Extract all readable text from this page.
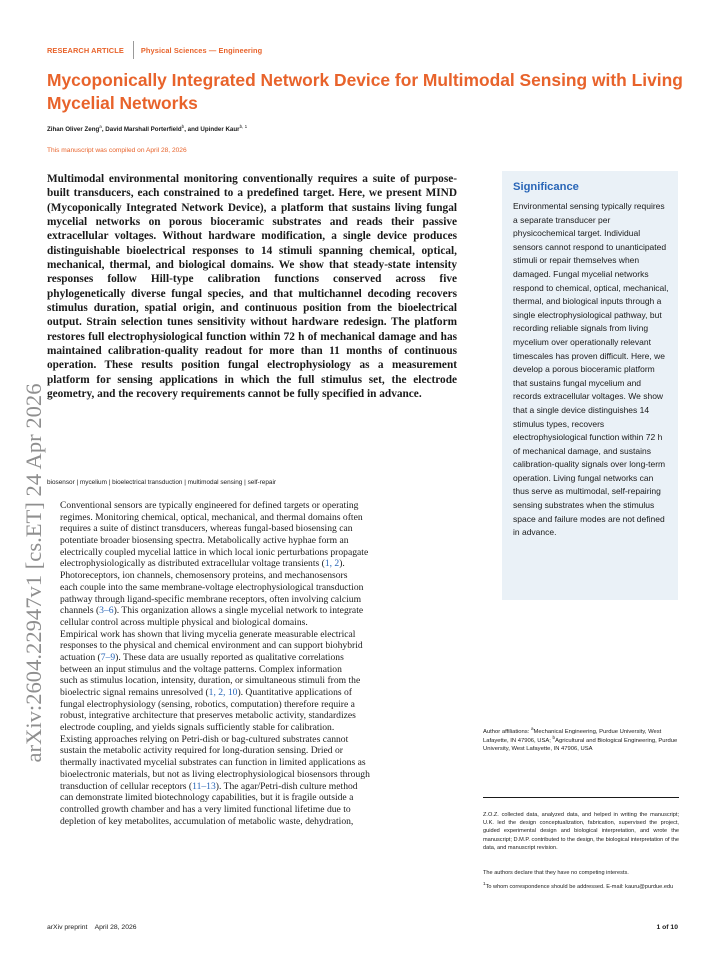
RESEARCH ARTICLE Physical Sciences — Engineering
Mycoponically Integrated Network Device for Multimodal Sensing with Living Mycelial Networks
Zihan Oliver Zeng$^a$, David Marshall Porterfield$^b$, and Upinder Kaur$^{b, 1}$
This manuscript was compiled on April 28, 2026
arXiv:2604.22947v1 [cs.ET] 24 Apr 2026

Multimodal environmental monitoring conventionally requires a suite of purpose-built transducers, each constrained to a predefined target. Here, we present MIND (Mycoponically Integrated Network Device), a platform that sustains living fungal mycelial networks on porous bioceramic substrates and reads their passive extracellular voltages. Without hardware modification, a single device produces distinguishable bioelectrical responses to 14 stimuli spanning chemical, optical, mechanical, thermal, and biological domains. We show that steady-state intensity responses follow Hill-type calibration functions conserved across five phylogenetically diverse fungal species, and that multichannel decoding recovers stimulus duration, spatial origin, and continuous position from the bioelectrical output. Strain selection tunes sensitivity without hardware redesign. The platform restores full electrophysiological function within 72 h of mechanical damage and has maintained calibration-quality readout for more than 11 months of continuous operation. These results position fungal electrophysiology as a measurement platform for sensing applications in which the full stimulus set, the electrode geometry, and the recovery requirements cannot be fully specified in advance.

biosensor | mycelium | bioelectrical transduction | multimodal sensing | self-repair

Conventional sensors are typically engineered for defined targets or operating
regimes. Monitoring chemical, optical, mechanical, and thermal domains often
requires a suite of distinct transducers, whereas fungal-based biosensing can
potentiate broader biosensing spectra. Metabolically active hyphae form an
electrically coupled mycelial lattice in which local ionic perturbations propagate
electrophysiologically as distributed extracellular voltage transients (1, 2).
Photoreceptors, ion channels, chemosensory proteins, and mechanosensors
each couple into the same membrane-voltage electrophysiological transduction
pathway through ligand-specific membrane receptors, often involving calcium
channels (3–6). This organization allows a single mycelial network to integrate
cellular control across multiple physical and biological domains.

Empirical work has shown that living mycelia generate measurable electrical
responses to the physical and chemical environment and can support biohybrid
actuation (7–9). These data are usually reported as qualitative correlations
between an input stimulus and the voltage patterns. Complex information
such as stimulus location, intensity, duration, or simultaneous stimuli from the
bioelectric signal remains unresolved (1, 2, 10). Quantitative applications of
fungal electrophysiology (sensing, robotics, computation) therefore require a
robust, integrative architecture that preserves metabolic activity, standardizes
electrode coupling, and yields signals sufficiently stable for calibration.

Existing approaches relying on Petri-dish or bag-cultured substrates cannot
sustain the metabolic activity required for long-duration sensing. Dried or
thermally inactivated mycelial substrates can function in limited applications as
bioelectronic materials, but not as living electrophysiological biosensors through
transduction of cellular receptors (11–13). The agar/Petri-dish culture method
can demonstrate limited biotechnology capabilities, but it is fragile outside a
controlled growth chamber and has a very limited functional lifetime due to
depletion of key metabolites, accumulation of metabolic waste, dehydration,

Significance

Environmental sensing typically requires a separate transducer per physicochemical target. Individual sensors cannot respond to unanticipated stimuli or repair themselves when damaged. Fungal mycelial networks respond to chemical, optical, mechanical, thermal, and biological inputs through a single electrophysiological pathway, but recording reliable signals from living mycelium over operationally relevant timescales has proven difficult. Here, we develop a porous bioceramic platform that sustains fungal mycelium and records extracellular voltages. We show that a single device distinguishes 14 stimulus types, recovers electrophysiological function within 72 h of mechanical damage, and sustains calibration-quality signals over long-term operation. Living fungal networks can thus serve as multimodal, self-repairing sensing substrates when the stimulus space and failure modes are not defined in advance.

Author affiliations: $^a$Mechanical Engineering, Purdue University, West Lafayette, IN 47906, USA; $^b$Agricultural and Biological Engineering, Purdue University, West Lafayette, IN 47906, USA

Z.O.Z. collected data, analyzed data, and helped in writing the manuscript; U.K. led the design conceptualization, fabrication, supervised the project, guided experimental design and biological interpretation, and wrote the manuscript; D.M.P. contributed to the design, the biological interpretation of the data, and manuscript revision.

The authors declare that they have no competing interests.

$^1$To whom correspondence should be addressed. E-mail: kauru@purdue.edu

arXiv preprint    April 28, 2026	1 of 10
